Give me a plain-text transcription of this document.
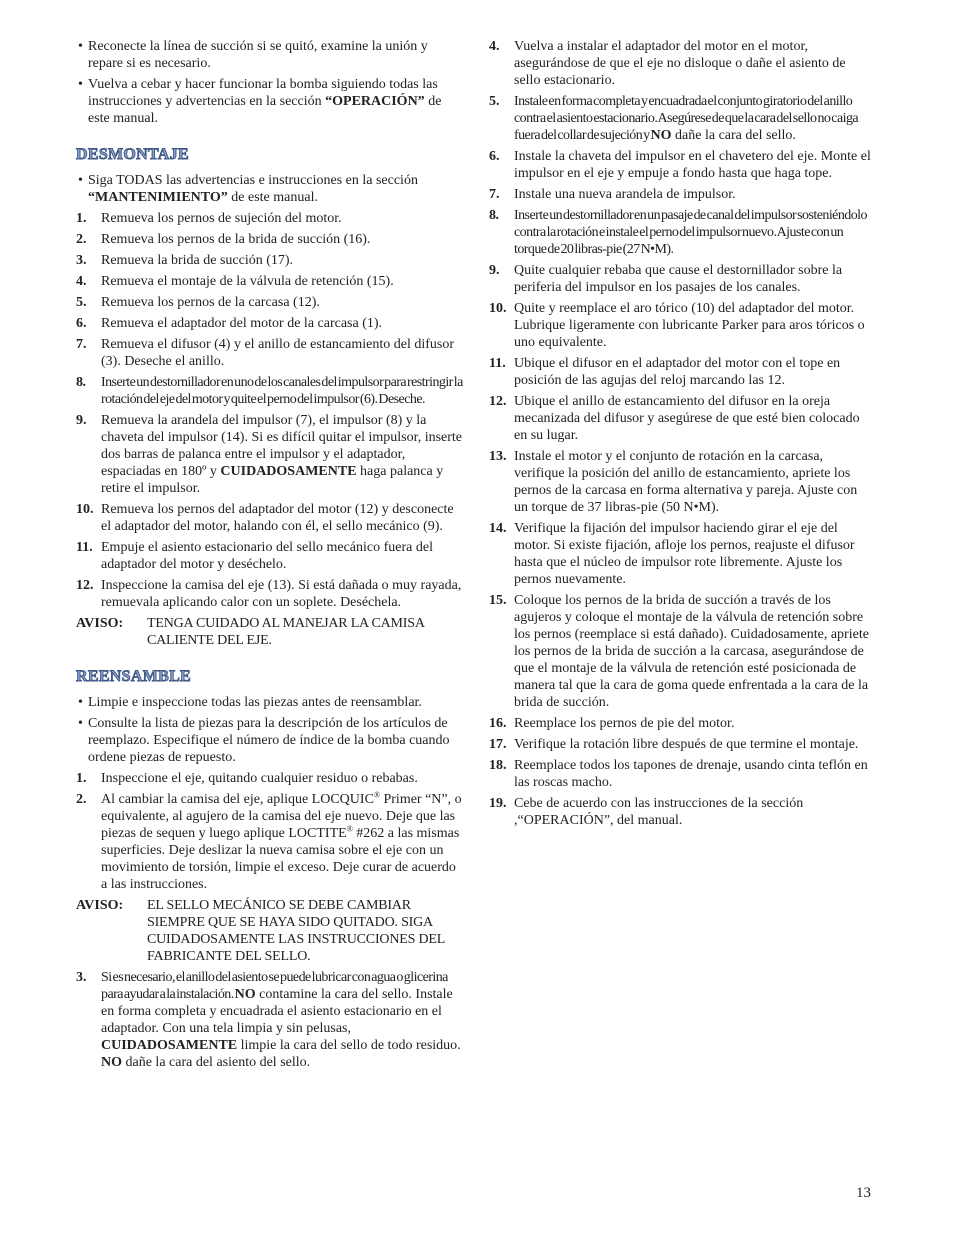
• Reconecte la línea de succión si se quitó, examine la unión y repare si es necesario.
• Vuelva a cebar y hacer funcionar la bomba siguiendo todas las instrucciones y advertencias en la sección “OPERACIÓN” de este manual.
DESMONTAJE
• Siga TODAS las advertencias e instrucciones en la sección “MANTENIMIENTO” de este manual.
1.	Remueva los pernos de sujeción del motor.
2.	Remueva los pernos de la brida de succión (16).
3.	Remueva la brida de succión (17).
4.	Remueva el montaje de la válvula de retención (15).
5.	Remueva los pernos de la carcasa (12).
6.	Remueva el adaptador del motor de la carcasa (1).
7.	Remueva el difusor (4) y el anillo de estancamiento del difusor (3). Deseche el anillo.
8.	Inserte un destornillador en uno de los canales del impulsor para restringir la rotación del eje del motor y quite el perno del impulsor (6). Deseche.
9.	Remueva la arandela del impulsor (7), el impulsor (8) y la chaveta del impulsor (14). Si es difícil quitar el impulsor, inserte dos barras de palanca entre el impulsor y el adaptador, espaciadas en 180º y CUIDADOSAMENTE haga palanca y retire el impulsor.
10. Remueva los pernos del adaptador del motor (12) y desconecte el adaptador del motor, halando con él, el sello mecánico (9).
11. Empuje el asiento estacionario del sello mecánico fuera del adaptador del motor y deséchelo.
12. Inspeccione la camisa del eje (13). Si está dañada o muy rayada, remuevala aplicando calor con un soplete. Deséchela.
AVISO: TENGA CUIDADO AL MANEJAR LA CAMISA CALIENTE DEL EJE.
REENSAMBLE
• Limpie e inspeccione todas las piezas antes de reensamblar.
• Consulte la lista de piezas para la descripción de los artículos de reemplazo. Especifique el número de índice de la bomba cuando ordene piezas de repuesto.
1.	Inspeccione el eje, quitando cualquier residuo o rebabas.
2.	Al cambiar la camisa del eje, aplique LOCQUIC® Primer “N”, o equivalente, al agujero de la camisa del eje nuevo. Deje que las piezas de sequen y luego aplique LOCTITE® #262 a las mismas superficies. Deje deslizar la nueva camisa sobre el eje con un movimiento de torsión, limpie el exceso. Deje curar de acuerdo a las instrucciones.
AVISO: EL SELLO MECÁNICO SE DEBE CAMBIAR SIEMPRE QUE SE HAYA SIDO QUITADO. SIGA CUIDADOSAMENTE LAS INSTRUCCIONES DEL FABRICANTE DEL SELLO.
3.	Si es necesario, el anillo del asiento se puede lubricar con agua o glicerina para ayudar a la instalación. NO contamine la cara del sello. Instale en forma completa y encuadrada el asiento estacionario en el adaptador. Con una tela limpia y sin pelusas, CUIDADOSAMENTE limpie la cara del sello de todo residuo. NO dañe la cara del asiento del sello.
4.	Vuelva a instalar el adaptador del motor en el motor, asegurándose de que el eje no disloque o dañe el asiento de sello estacionario.
5.	Instale en forma completa y encuadrada el conjunto giratorio del anillo contra el asiento estacionario. Asegúrese de que la cara del sello no caiga fuera del collar de sujeción y NO dañe la cara del sello.
6.	Instale la chaveta del impulsor en el chavetero del eje. Monte el impulsor en el eje y empuje a fondo hasta que haga tope.
7.	Instale una nueva arandela de impulsor.
8.	Inserte un destornillador en un pasaje de canal del impulsor sosteniéndolo contra la rotación e instale el perno del impulsor nuevo. Ajuste con un torque de 20 libras-pie (27 N•M).
9.	Quite cualquier rebaba que cause el destornillador sobre la periferia del impulsor en los pasajes de los canales.
10. Quite y reemplace el aro tórico (10) del adaptador del motor. Lubrique ligeramente con lubricante Parker para aros tóricos o uno equivalente.
11. Ubique el difusor en el adaptador del motor con el tope en posición de las agujas del reloj marcando las 12.
12. Ubique el anillo de estancamiento del difusor en la oreja mecanizada del difusor y asegúrese de que esté bien colocado en su lugar.
13. Instale el motor y el conjunto de rotación en la carcasa, verifique la posición del anillo de estancamiento, apriete los pernos de la carcasa en forma alternativa y pareja. Ajuste con un torque de 37 libras-pie (50 N•M).
14. Verifique la fijación del impulsor haciendo girar el eje del motor. Si existe fijación, afloje los pernos, reajuste el difusor hasta que el núcleo de impulsor rote libremente. Ajuste los pernos nuevamente.
15. Coloque los pernos de la brida de succión a través de los agujeros y coloque el montaje de la válvula de retención sobre los pernos (reemplace si está dañado). Cuidadosamente, apriete los pernos de la brida de succión a la carcasa, asegurándose de que el montaje de la válvula de retención esté posicionada de manera tal que la cara de goma quede enfrentada a la cara de la brida de succión.
16. Reemplace los pernos de pie del motor.
17. Verifique la rotación libre después de que termine el montaje.
18. Reemplace todos los tapones de drenaje, usando cinta teflón en las roscas macho.
19. Cebe de acuerdo con las instrucciones de la sección ,“OPERACIÓN”, del manual.
13
